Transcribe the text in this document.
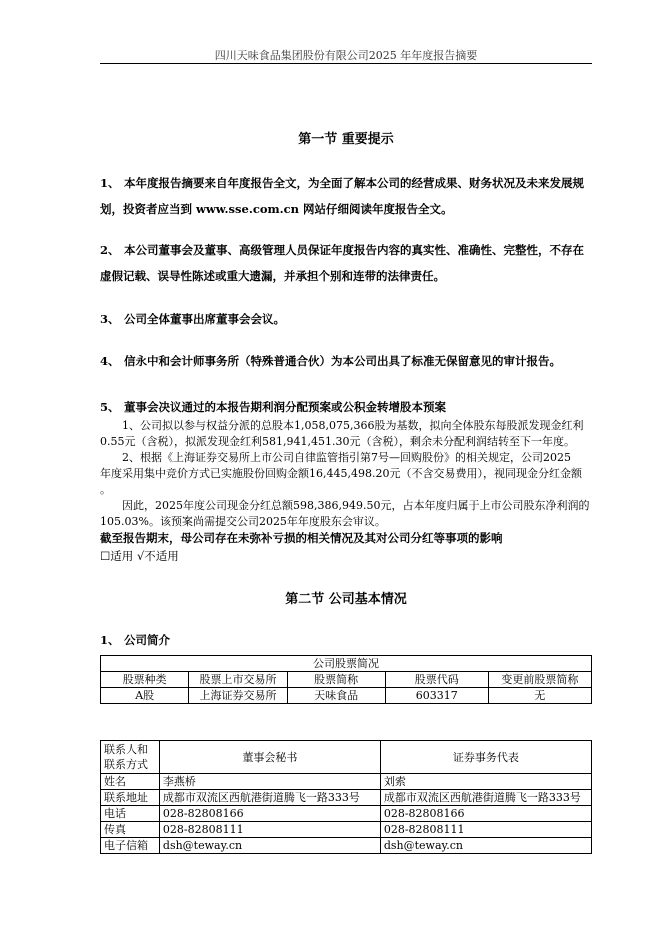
四川天味食品集团股份有限公司2025 年年度报告摘要
第一节 重要提示
1、 本年度报告摘要来自年度报告全文，为全面了解本公司的经营成果、财务状况及未来发展规
划，投资者应当到 www.sse.com.cn 网站仔细阅读年度报告全文。
2、 本公司董事会及董事、高级管理人员保证年度报告内容的真实性、准确性、完整性，不存在
虚假记载、误导性陈述或重大遗漏，并承担个别和连带的法律责任。
3、 公司全体董事出席董事会会议。
4、 信永中和会计师事务所（特殊普通合伙）为本公司出具了标准无保留意见的审计报告。
5、 董事会决议通过的本报告期利润分配预案或公积金转增股本预案
1、公司拟以参与权益分派的总股本1,058,075,366股为基数，拟向全体股东每股派发现金红利
0.55元（含税），拟派发现金红利581,941,451.30元（含税），剩余未分配利润结转至下一年度。
2、根据《上海证券交易所上市公司自律监管指引第7号—回购股份》的相关规定，公司2025
年度采用集中竞价方式已实施股份回购金额16,445,498.20元（不含交易费用），视同现金分红金额
。
因此，2025年度公司现金分红总额598,386,949.50元，占本年度归属于上市公司股东净利润的
105.03%。该预案尚需提交公司2025年年度股东会审议。
截至报告期末，母公司存在未弥补亏损的相关情况及其对公司分红等事项的影响
☐适用 √不适用
第二节 公司基本情况
1、 公司简介
公司股票简况				
股票种类	股票上市交易所	股票简称	股票代码	变更前股票简称
A股	上海证券交易所	天味食品	603317	无
联系人和联系方式	董事会秘书	证券事务代表
姓名	李燕桥	刘索
联系地址	成都市双流区西航港街道腾飞一路333号	成都市双流区西航港街道腾飞一路333号
电话	028-82808166	028-82808166
传真	028-82808111	028-82808111
电子信箱	dsh@teway.cn	dsh@teway.cn
